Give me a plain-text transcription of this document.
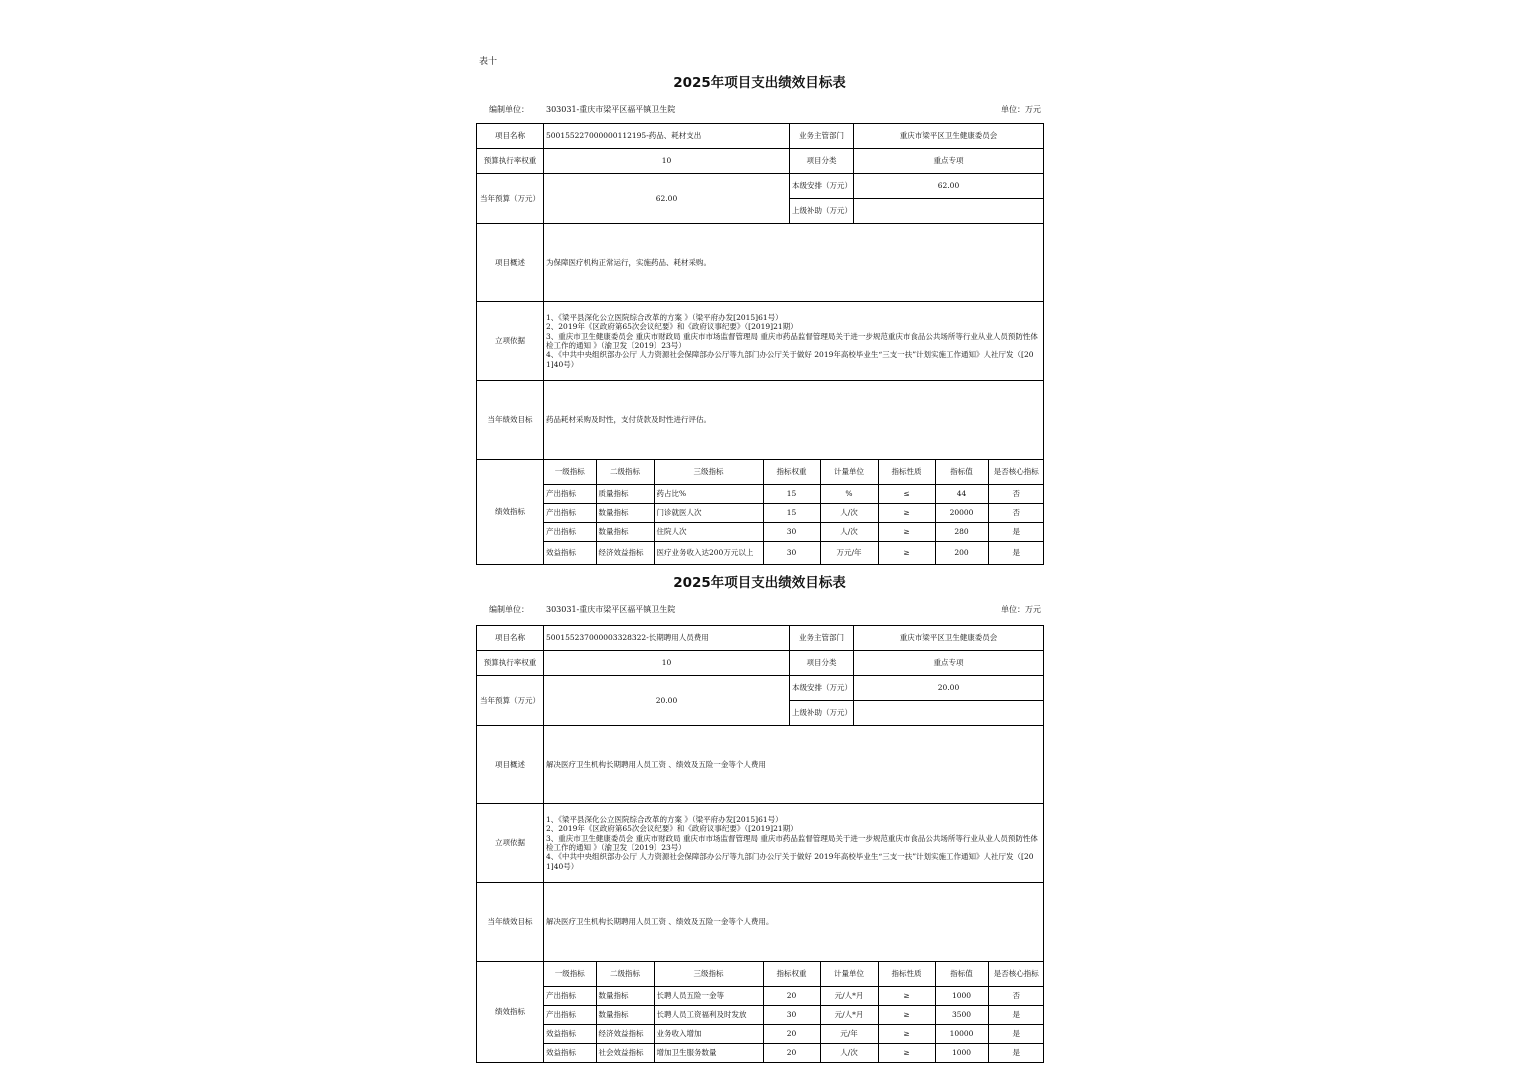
表十
2025年项目支出绩效目标表
编制单位： 303031-重庆市梁平区福平镇卫生院	单位：万元
项目名称	500155227000000112195-药品、耗材支出	业务主管部门	重庆市梁平区卫生健康委员会
预算执行率权重	10	项目分类	重点专项
当年预算（万元）	62.00	本级安排（万元）	62.00
上级补助（万元）	
项目概述	为保障医疗机构正常运行，实施药品、耗材采购。
立项依据	
1、《梁平县深化公立医院综合改革的方案 》（梁平府办发[2015]61号）
2、2019年《区政府第65次会议纪要》和《政府议事纪要》（[2019]21期）
3、重庆市卫生健康委员会 重庆市财政局 重庆市市场监督管理局 重庆市药品监督管理局关于进一步规范重庆市食品公共场所等行业从业人员预防性体检工作的通知 》（渝卫发〔2019〕23号）
4、《中共中央组织部办公厅 人力资源社会保障部办公厅等九部门办公厅关于做好 2019年高校毕业生“三支一扶”计划实施工作通知》人社厅发（[201]40号）

当年绩效目标	药品耗材采购及时性，支付货款及时性进行评估。
绩效指标	
一级指标	二级指标	三级指标	指标权重	计量单位	指标性质	指标值	是否核心指标
产出指标	质量指标	药占比%	15	%	≤	44	否
产出指标	数量指标	门诊就医人次	15	人/次	≥	20000	否
产出指标	数量指标	住院人次	30	人/次	≥	280	是
效益指标	经济效益指标	医疗业务收入达200万元以上	30	万元/年	≥	200	是
2025年项目支出绩效目标表
编制单位： 303031-重庆市梁平区福平镇卫生院	单位：万元
项目名称	500155237000003328322-长期聘用人员费用	业务主管部门	重庆市梁平区卫生健康委员会
预算执行率权重	10	项目分类	重点专项
当年预算（万元）	20.00	本级安排（万元）	20.00
上级补助（万元）	
项目概述	解决医疗卫生机构长期聘用人员工资 、绩效及五险一金等个人费用
立项依据	
1、《梁平县深化公立医院综合改革的方案 》（梁平府办发[2015]61号）
2、2019年《区政府第65次会议纪要》和《政府议事纪要》（[2019]21期）
3、重庆市卫生健康委员会 重庆市财政局 重庆市市场监督管理局 重庆市药品监督管理局关于进一步规范重庆市食品公共场所等行业从业人员预防性体检工作的通知 》（渝卫发〔2019〕23号）
4、《中共中央组织部办公厅 人力资源社会保障部办公厅等九部门办公厅关于做好 2019年高校毕业生“三支一扶”计划实施工作通知》人社厅发（[201]40号）

当年绩效目标	解决医疗卫生机构长期聘用人员工资 、绩效及五险一金等个人费用。
绩效指标	
一级指标	二级指标	三级指标	指标权重	计量单位	指标性质	指标值	是否核心指标
产出指标	数量指标	长聘人员五险一金等	20	元/人*月	≥	1000	否
产出指标	数量指标	长聘人员工资福利及时发放	30	元/人*月	≥	3500	是
效益指标	经济效益指标	业务收入增加	20	元/年	≥	10000	是
效益指标	社会效益指标	增加卫生服务数量	20	人/次	≥	1000	是
